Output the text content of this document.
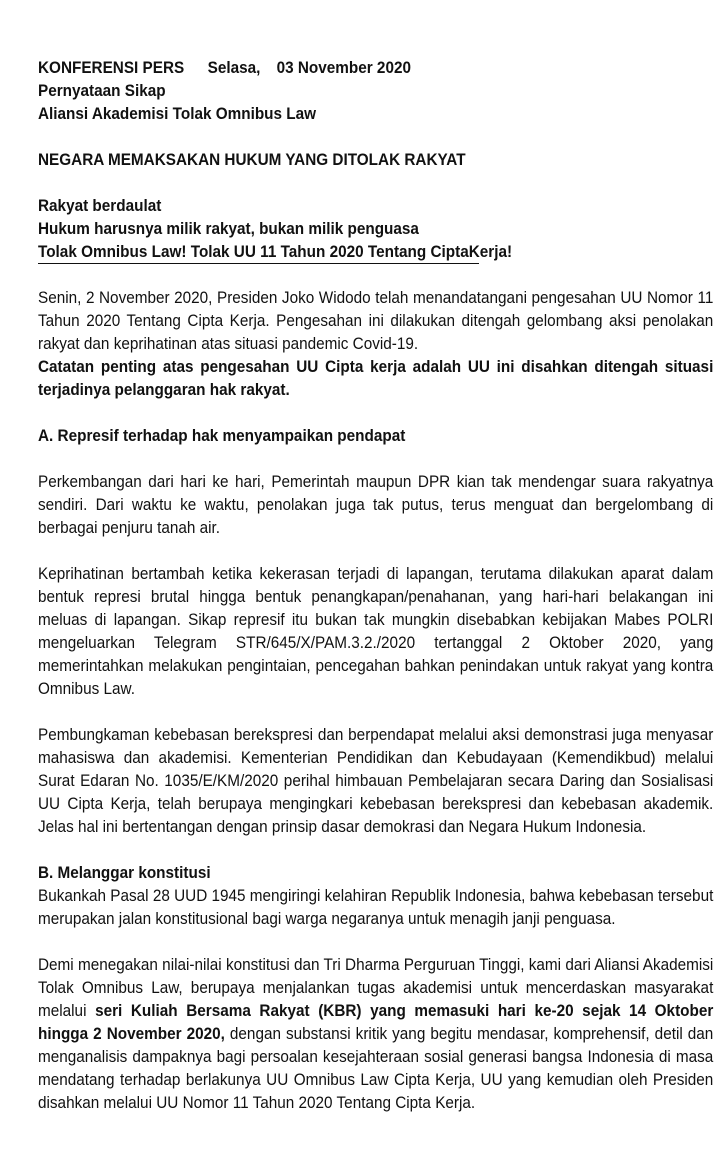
KONFERENSI PERS Selasa, 03 November 2020
Pernyataan Sikap
Aliansi Akademisi Tolak Omnibus Law
NEGARA MEMAKSAKAN HUKUM YANG DITOLAK RAKYAT
Rakyat berdaulat
Hukum harusnya milik rakyat, bukan milik penguasa
Tolak Omnibus Law! Tolak UU 11 Tahun 2020 Tentang CiptaKerja!

Senin, 2 November 2020, Presiden Joko Widodo telah menandatangani pengesahan UU Nomor 11 Tahun 2020 Tentang Cipta Kerja. Pengesahan ini dilakukan ditengah gelombang aksi penolakan rakyat dan keprihatinan atas situasi pandemic Covid-19.

Catatan penting atas pengesahan UU Cipta kerja adalah UU ini disahkan ditengah situasi terjadinya pelanggaran hak rakyat.

A. Represif terhadap hak menyampaikan pendapat

Perkembangan dari hari ke hari, Pemerintah maupun DPR kian tak mendengar suara rakyatnya sendiri. Dari waktu ke waktu, penolakan juga tak putus, terus menguat dan bergelombang di berbagai penjuru tanah air.

Keprihatinan bertambah ketika kekerasan terjadi di lapangan, terutama dilakukan aparat dalam bentuk represi brutal hingga bentuk penangkapan/penahanan, yang hari-hari belakangan ini meluas di lapangan. Sikap represif itu bukan tak mungkin disebabkan kebijakan Mabes POLRI mengeluarkan Telegram STR/645/X/PAM.3.2./2020 tertanggal 2 Oktober 2020, yang memerintahkan melakukan pengintaian, pencegahan bahkan penindakan untuk rakyat yang kontra Omnibus Law.

Pembungkaman kebebasan berekspresi dan berpendapat melalui aksi demonstrasi juga menyasar mahasiswa dan akademisi. Kementerian Pendidikan dan Kebudayaan (Kemendikbud) melalui Surat Edaran No. 1035/E/KM/2020 perihal himbauan Pembelajaran secara Daring dan Sosialisasi UU Cipta Kerja, telah berupaya mengingkari kebebasan berekspresi dan kebebasan akademik. Jelas hal ini bertentangan dengan prinsip dasar demokrasi dan Negara Hukum Indonesia.

B. Melanggar konstitusi

Bukankah Pasal 28 UUD 1945 mengiringi kelahiran Republik Indonesia, bahwa kebebasan tersebut merupakan jalan konstitusional bagi warga negaranya untuk menagih janji penguasa.

Demi menegakan nilai-nilai konstitusi dan Tri Dharma Perguruan Tinggi, kami dari Aliansi Akademisi Tolak Omnibus Law, berupaya menjalankan tugas akademisi untuk mencerdaskan masyarakat melalui seri Kuliah Bersama Rakyat (KBR) yang memasuki hari ke-20 sejak 14 Oktober hingga 2 November 2020, dengan substansi kritik yang begitu mendasar, komprehensif, detil dan menganalisis dampaknya bagi persoalan kesejahteraan sosial generasi bangsa Indonesia di masa mendatang terhadap berlakunya UU Omnibus Law Cipta Kerja, UU yang kemudian oleh Presiden disahkan melalui UU Nomor 11 Tahun 2020 Tentang Cipta Kerja.
